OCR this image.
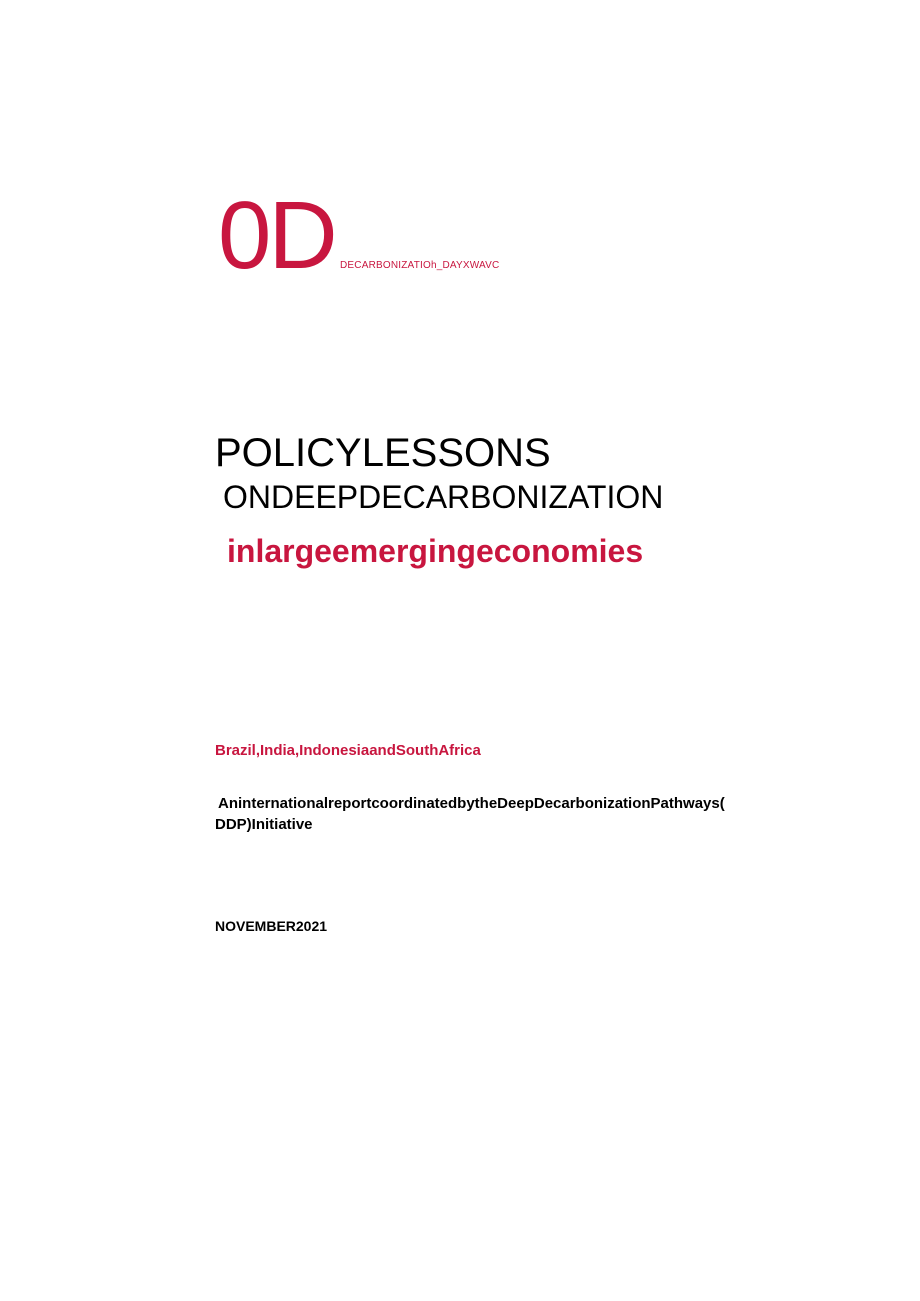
0D DECARBONIZATIOh_DAYXWAVC
POLICYLESSONS
ONDEEPDECARBONIZATION
inlargeemergingeconomies
Brazil,India,IndonesiaandSouthAfrica
AninternationalreportcoordinatedbytheDeepDecarbonizationPathways(
DDP)Initiative
NOVEMBER2021
